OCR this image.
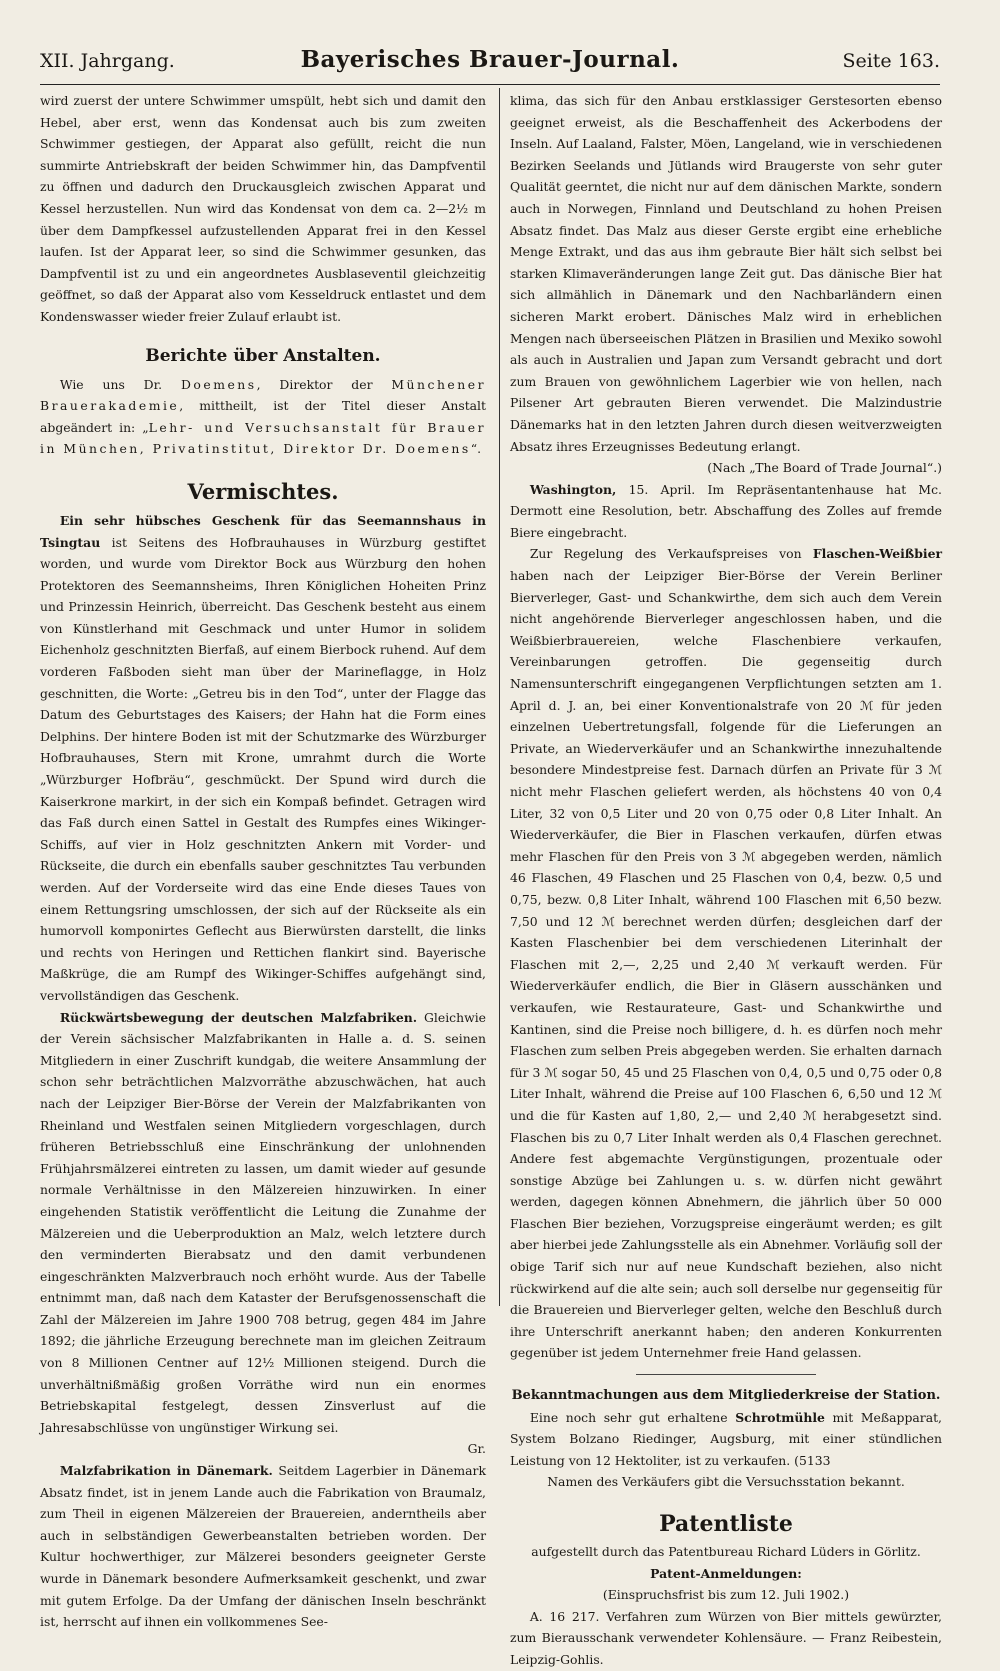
Bayerisches Brauer-Journal.
XII. Jahrgang.	Seite 163.

wird zuerst der untere Schwimmer umspült, hebt sich und damit den Hebel, aber erst, wenn das Kondensat auch bis zum zweiten Schwimmer gestiegen, der Apparat also gefüllt, reicht die nun summirte Antriebskraft der beiden Schwimmer hin, das Dampfventil zu öffnen und dadurch den Druckausgleich zwischen Apparat und Kessel herzustellen. Nun wird das Kondensat von dem ca. 2—2½ m über dem Dampfkessel aufzustellenden Apparat frei in den Kessel laufen. Ist der Apparat leer, so sind die Schwimmer gesunken, das Dampfventil ist zu und ein angeordnetes Ausblaseventil gleichzeitig geöffnet, so daß der Apparat also vom Kesseldruck entlastet und dem Kondenswasser wieder freier Zulauf erlaubt ist.

Berichte über Anstalten.

Wie uns Dr. Doemens, Direktor der Münchener Brauerakademie, mittheilt, ist der Titel dieser Anstalt abgeändert in: „Lehr- und Versuchsanstalt für Brauer in München, Privatinstitut, Direktor Dr. Doemens“.

Vermischtes.

Ein sehr hübsches Geschenk für das Seemannshaus in Tsingtau ist Seitens des Hofbrauhauses in Würzburg gestiftet worden, und wurde vom Direktor Bock aus Würzburg den hohen Protektoren des Seemannsheims, Ihren Königlichen Hoheiten Prinz und Prinzessin Heinrich, überreicht. Das Geschenk besteht aus einem von Künstlerhand mit Geschmack und unter Humor in solidem Eichenholz geschnitzten Bierfaß, auf einem Bierbock ruhend. Auf dem vorderen Faßboden sieht man über der Marineflagge, in Holz geschnitten, die Worte: „Getreu bis in den Tod“, unter der Flagge das Datum des Geburtstages des Kaisers; der Hahn hat die Form eines Delphins. Der hintere Boden ist mit der Schutzmarke des Würzburger Hofbrauhauses, Stern mit Krone, umrahmt durch die Worte „Würzburger Hofbräu“, geschmückt. Der Spund wird durch die Kaiserkrone markirt, in der sich ein Kompaß befindet. Getragen wird das Faß durch einen Sattel in Gestalt des Rumpfes eines Wikinger-Schiffs, auf vier in Holz geschnitzten Ankern mit Vorder- und Rückseite, die durch ein ebenfalls sauber geschnitztes Tau verbunden werden. Auf der Vorderseite wird das eine Ende dieses Taues von einem Rettungsring umschlossen, der sich auf der Rückseite als ein humorvoll komponirtes Geflecht aus Bierwürsten darstellt, die links und rechts von Heringen und Rettichen flankirt sind. Bayerische Maßkrüge, die am Rumpf des Wikinger-Schiffes aufgehängt sind, vervollständigen das Geschenk.

Rückwärtsbewegung der deutschen Malzfabriken. Gleichwie der Verein sächsischer Malzfabrikanten in Halle a. d. S. seinen Mitgliedern in einer Zuschrift kundgab, die weitere Ansammlung der schon sehr beträchtlichen Malzvorräthe abzuschwächen, hat auch nach der Leipziger Bier-Börse der Verein der Malzfabrikanten von Rheinland und Westfalen seinen Mitgliedern vorgeschlagen, durch früheren Betriebsschluß eine Einschränkung der unlohnenden Frühjahrsmälzerei eintreten zu lassen, um damit wieder auf gesunde normale Verhältnisse in den Mälzereien hinzuwirken. In einer eingehenden Statistik veröffentlicht die Leitung die Zunahme der Mälzereien und die Ueberproduktion an Malz, welch letztere durch den verminderten Bierabsatz und den damit verbundenen eingeschränkten Malzverbrauch noch erhöht wurde. Aus der Tabelle entnimmt man, daß nach dem Kataster der Berufsgenossenschaft die Zahl der Mälzereien im Jahre 1900 708 betrug, gegen 484 im Jahre 1892; die jährliche Erzeugung berechnete man im gleichen Zeitraum von 8 Millionen Centner auf 12½ Millionen steigend. Durch die unverhältnißmäßig großen Vorräthe wird nun ein enormes Betriebskapital festgelegt, dessen Zinsverlust auf die Jahresabschlüsse von ungünstiger Wirkung sei.

Gr.

Malzfabrikation in Dänemark. Seitdem Lagerbier in Dänemark Absatz findet, ist in jenem Lande auch die Fabrikation von Braumalz, zum Theil in eigenen Mälzereien der Brauereien, anderntheils aber auch in selbständigen Gewerbeanstalten betrieben worden. Der Kultur hochwerthiger, zur Mälzerei besonders geeigneter Gerste wurde in Dänemark besondere Aufmerksamkeit geschenkt, und zwar mit gutem Erfolge. Da der Umfang der dänischen Inseln beschränkt ist, herrscht auf ihnen ein vollkommenes See-

klima, das sich für den Anbau erstklassiger Gerstesorten ebenso geeignet erweist, als die Beschaffenheit des Ackerbodens der Inseln. Auf Laaland, Falster, Möen, Langeland, wie in verschiedenen Bezirken Seelands und Jütlands wird Braugerste von sehr guter Qualität geerntet, die nicht nur auf dem dänischen Markte, sondern auch in Norwegen, Finnland und Deutschland zu hohen Preisen Absatz findet. Das Malz aus dieser Gerste ergibt eine erhebliche Menge Extrakt, und das aus ihm gebraute Bier hält sich selbst bei starken Klimaveränderungen lange Zeit gut. Das dänische Bier hat sich allmählich in Dänemark und den Nachbarländern einen sicheren Markt erobert. Dänisches Malz wird in erheblichen Mengen nach überseeischen Plätzen in Brasilien und Mexiko sowohl als auch in Australien und Japan zum Versandt gebracht und dort zum Brauen von gewöhnlichem Lagerbier wie von hellen, nach Pilsener Art gebrauten Bieren verwendet. Die Malzindustrie Dänemarks hat in den letzten Jahren durch diesen weitverzweigten Absatz ihres Erzeugnisses Bedeutung erlangt.

(Nach „The Board of Trade Journal“.)

Washington, 15. April. Im Repräsentantenhause hat Mc. Dermott eine Resolution, betr. Abschaffung des Zolles auf fremde Biere eingebracht.

Zur Regelung des Verkaufspreises von Flaschen-Weißbier haben nach der Leipziger Bier-Börse der Verein Berliner Bierverleger, Gast- und Schankwirthe, dem sich auch dem Verein nicht angehörende Bierverleger angeschlossen haben, und die Weißbierbrauereien, welche Flaschenbiere verkaufen, Vereinbarungen getroffen. Die gegenseitig durch Namensunterschrift eingegangenen Verpflichtungen setzten am 1. April d. J. an, bei einer Konventionalstrafe von 20 ℳ für jeden einzelnen Uebertretungsfall, folgende für die Lieferungen an Private, an Wiederverkäufer und an Schankwirthe innezuhaltende besondere Mindestpreise fest. Darnach dürfen an Private für 3 ℳ nicht mehr Flaschen geliefert werden, als höchstens 40 von 0,4 Liter, 32 von 0,5 Liter und 20 von 0,75 oder 0,8 Liter Inhalt. An Wiederverkäufer, die Bier in Flaschen verkaufen, dürfen etwas mehr Flaschen für den Preis von 3 ℳ abgegeben werden, nämlich 46 Flaschen, 49 Flaschen und 25 Flaschen von 0,4, bezw. 0,5 und 0,75, bezw. 0,8 Liter Inhalt, während 100 Flaschen mit 6,50 bezw. 7,50 und 12 ℳ berechnet werden dürfen; desgleichen darf der Kasten Flaschenbier bei dem verschiedenen Literinhalt der Flaschen mit 2,—, 2,25 und 2,40 ℳ verkauft werden. Für Wiederverkäufer endlich, die Bier in Gläsern ausschänken und verkaufen, wie Restaurateure, Gast- und Schankwirthe und Kantinen, sind die Preise noch billigere, d. h. es dürfen noch mehr Flaschen zum selben Preis abgegeben werden. Sie erhalten darnach für 3 ℳ sogar 50, 45 und 25 Flaschen von 0,4, 0,5 und 0,75 oder 0,8 Liter Inhalt, während die Preise auf 100 Flaschen 6, 6,50 und 12 ℳ und die für Kasten auf 1,80, 2,— und 2,40 ℳ herabgesetzt sind. Flaschen bis zu 0,7 Liter Inhalt werden als 0,4 Flaschen gerechnet. Andere fest abgemachte Vergünstigungen, prozentuale oder sonstige Abzüge bei Zahlungen u. s. w. dürfen nicht gewährt werden, dagegen können Abnehmern, die jährlich über 50 000 Flaschen Bier beziehen, Vorzugspreise eingeräumt werden; es gilt aber hierbei jede Zahlungsstelle als ein Abnehmer. Vorläufig soll der obige Tarif sich nur auf neue Kundschaft beziehen, also nicht rückwirkend auf die alte sein; auch soll derselbe nur gegenseitig für die Brauereien und Bierverleger gelten, welche den Beschluß durch ihre Unterschrift anerkannt haben; den anderen Konkurrenten gegenüber ist jedem Unternehmer freie Hand gelassen.

Bekanntmachungen aus dem Mitgliederkreise der Station.

Eine noch sehr gut erhaltene Schrotmühle mit Meßapparat, System Bolzano Riedinger, Augsburg, mit einer stündlichen Leistung von 12 Hektoliter, ist zu verkaufen. (5133

Namen des Verkäufers gibt die Versuchsstation bekannt.

Patentliste

aufgestellt durch das Patentbureau Richard Lüders in Görlitz.

Patent-Anmeldungen:

(Einspruchsfrist bis zum 12. Juli 1902.)

A. 16 217. Verfahren zum Würzen von Bier mittels gewürzter, zum Bierausschank verwendeter Kohlensäure. — Franz Reibestein, Leipzig-Gohlis.
